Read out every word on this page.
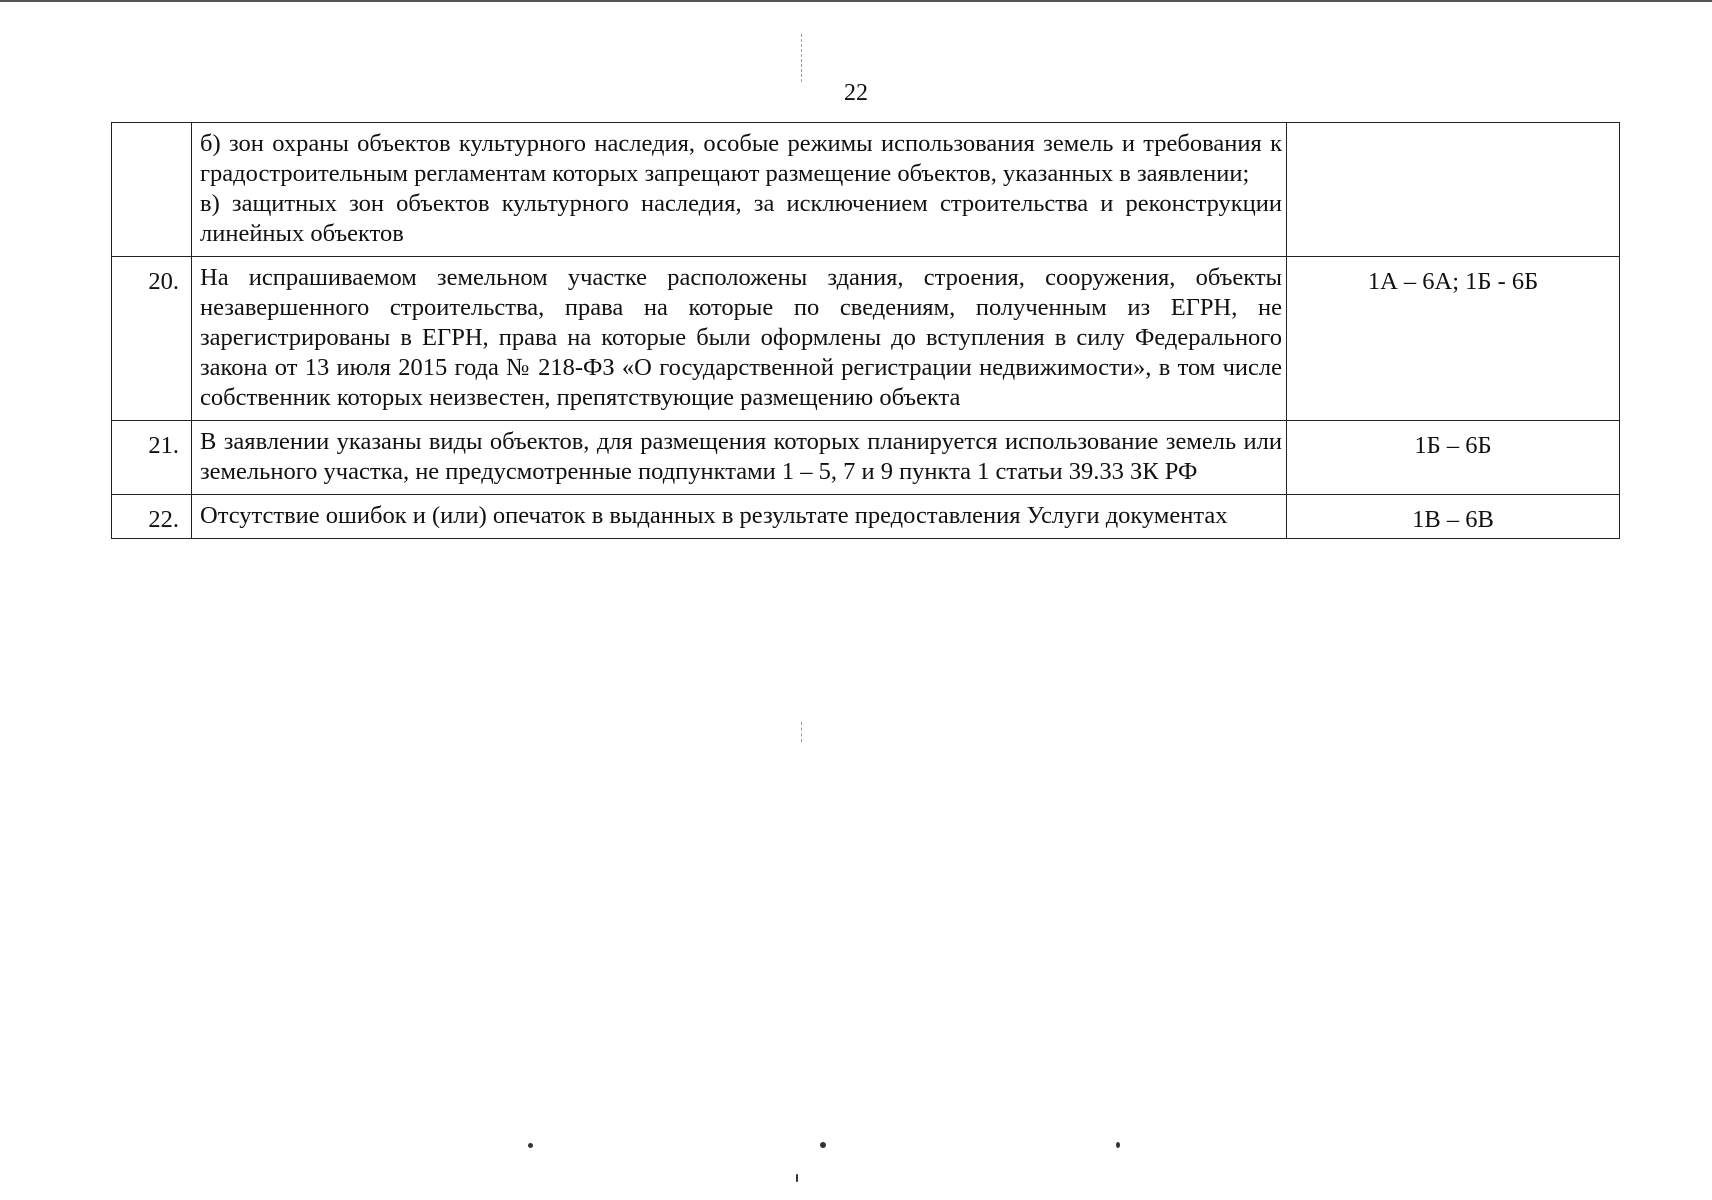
22

	б) зон охраны объектов культурного наследия, особые режимы использования земель и требования к градостроительным регламентам которых запрещают размещение объектов, указанных в заявлении;
в) защитных зон объектов культурного наследия, за исключением строительства и реконструкции линейных объектов	

20.	На испрашиваемом земельном участке расположены здания, строения, сооружения, объекты незавершенного строительства, права на которые по сведениям, полученным из ЕГРН, не зарегистрированы в ЕГРН, права на которые были оформлены до вступления в силу Федерального закона от 13 июля 2015 года № 218-ФЗ «О государственной регистрации недвижимости», в том числе собственник которых неизвестен, препятствующие размещению объекта	1А – 6А; 1Б - 6Б
21.	В заявлении указаны виды объектов, для размещения которых планируется использование земель или земельного участка, не предусмотренные подпунктами 1 – 5, 7 и 9 пункта 1 статьи 39.33 ЗК РФ	1Б – 6Б
22.	Отсутствие ошибок и (или) опечаток в выданных в результате предоставления Услуги документах	1В – 6В
